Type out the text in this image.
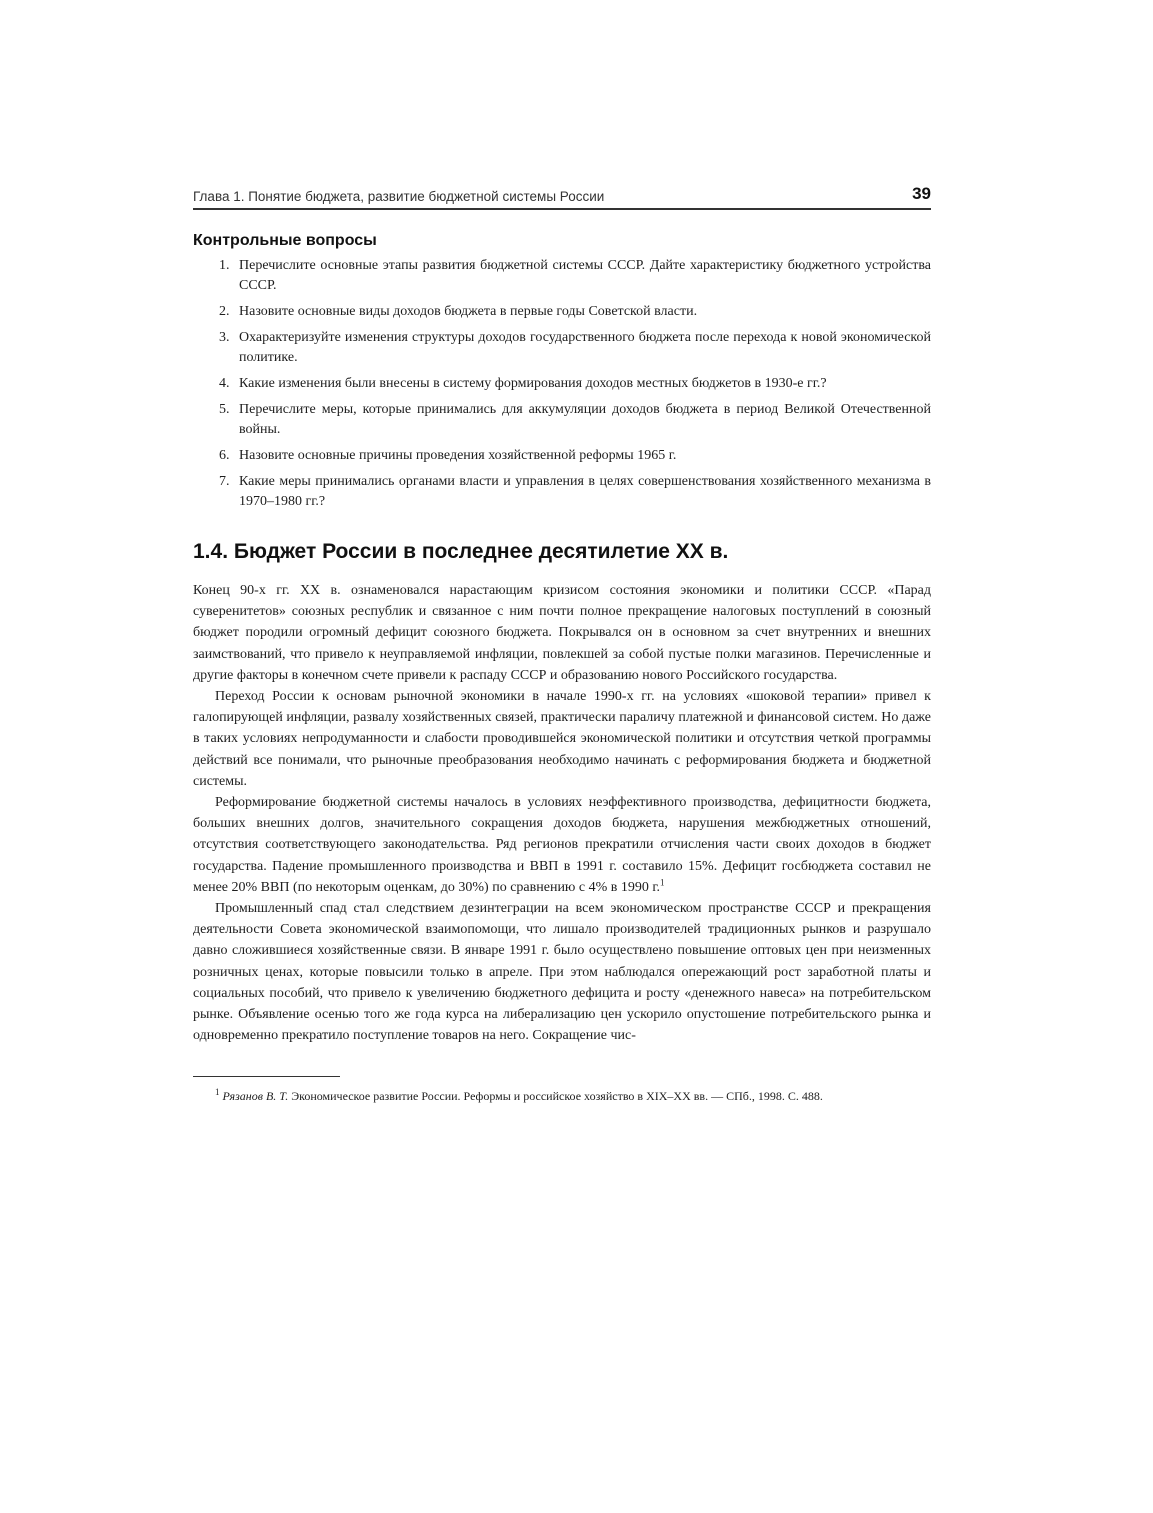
Глава 1. Понятие бюджета, развитие бюджетной системы России	39
Контрольные вопросы
1. Перечислите основные этапы развития бюджетной системы СССР. Дайте характеристику бюджетного устройства СССР.
2. Назовите основные виды доходов бюджета в первые годы Советской власти.
3. Охарактеризуйте изменения структуры доходов государственного бюджета после перехода к новой экономической политике.
4. Какие изменения были внесены в систему формирования доходов местных бюджетов в 1930-е гг.?
5. Перечислите меры, которые принимались для аккумуляции доходов бюджета в период Великой Отечественной войны.
6. Назовите основные причины проведения хозяйственной реформы 1965 г.
7. Какие меры принимались органами власти и управления в целях совершенствования хозяйственного механизма в 1970–1980 гг.?
1.4. Бюджет России в последнее десятилетие XX в.

Конец 90-х гг. XX в. ознаменовался нарастающим кризисом состояния экономики и политики СССР. «Парад суверенитетов» союзных республик и связанное с ним почти полное прекращение налоговых поступлений в союзный бюджет породили огромный дефицит союзного бюджета. Покрывался он в основном за счет внутренних и внешних заимствований, что привело к неуправляемой инфляции, повлекшей за собой пустые полки магазинов. Перечисленные и другие факторы в конечном счете привели к распаду СССР и образованию нового Российского государства.

Переход России к основам рыночной экономики в начале 1990-х гг. на условиях «шоковой терапии» привел к галопирующей инфляции, развалу хозяйственных связей, практически параличу платежной и финансовой систем. Но даже в таких условиях непродуманности и слабости проводившейся экономической политики и отсутствия четкой программы действий все понимали, что рыночные преобразования необходимо начинать с реформирования бюджета и бюджетной системы.

Реформирование бюджетной системы началось в условиях неэффективного производства, дефицитности бюджета, больших внешних долгов, значительного сокращения доходов бюджета, нарушения межбюджетных отношений, отсутствия соответствующего законодательства. Ряд регионов прекратили отчисления части своих доходов в бюджет государства. Падение промышленного производства и ВВП в 1991 г. составило 15%. Дефицит госбюджета составил не менее 20% ВВП (по некоторым оценкам, до 30%) по сравнению с 4% в 1990 г.$^1$

Промышленный спад стал следствием дезинтеграции на всем экономическом пространстве СССР и прекращения деятельности Совета экономической взаимопомощи, что лишало производителей традиционных рынков и разрушало давно сложившиеся хозяйственные связи. В январе 1991 г. было осуществлено повышение оптовых цен при неизменных розничных ценах, которые повысили только в апреле. При этом наблюдался опережающий рост заработной платы и социальных пособий, что привело к увеличению бюджетного дефицита и росту «денежного навеса» на потребительском рынке. Объявление осенью того же года курса на либерализацию цен ускорило опустошение потребительского рынка и одновременно прекратило поступление товаров на него. Сокращение чис-

$^1$ Рязанов В. Т. Экономическое развитие России. Реформы и российское хозяйство в XIX–XX вв. — СПб., 1998. С. 488.
